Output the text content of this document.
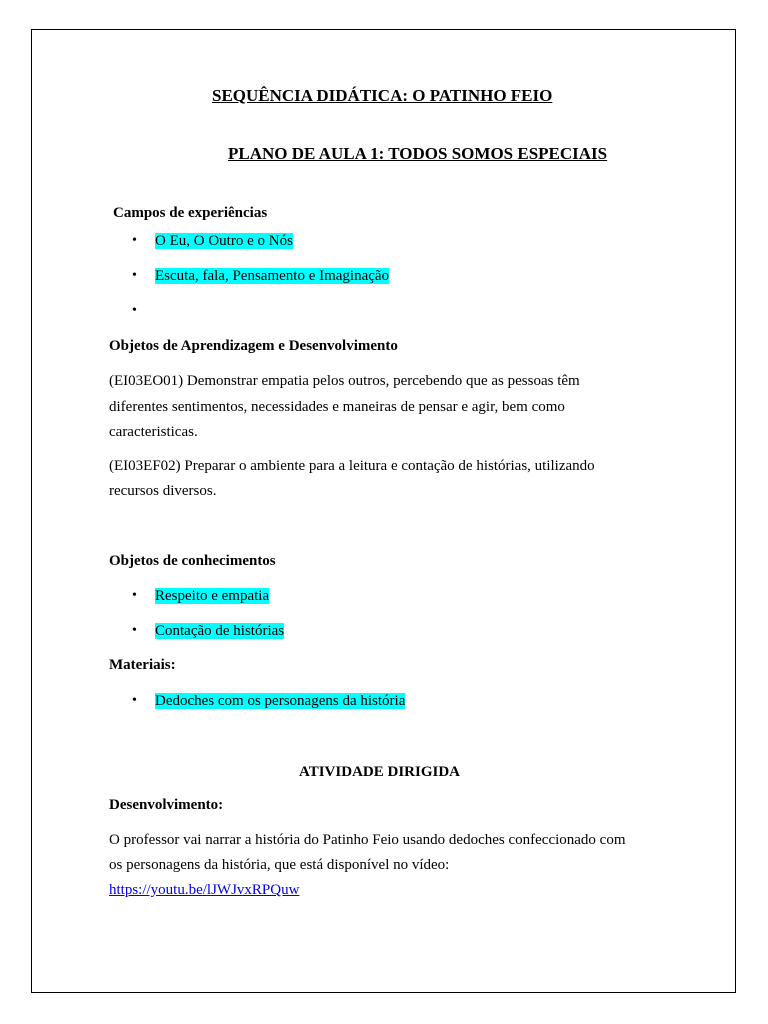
SEQUÊNCIA DIDÁTICA: O PATINHO FEIO
PLANO DE AULA 1: TODOS SOMOS ESPECIAIS
Campos de experiências
• O Eu, O Outro e o Nós
• Escuta, fala, Pensamento e Imaginação
•
Objetos de Aprendizagem e Desenvolvimento
(EI03EO01) Demonstrar empatia pelos outros, percebendo que as pessoas têm
diferentes sentimentos, necessidades e maneiras de pensar e agir, bem como
caracteristicas.
(EI03EF02) Preparar o ambiente para a leitura e contação de histórias, utilizando
recursos diversos.
Objetos de conhecimentos
• Respeito e empatia
• Contação de histórias
Materiais:
• Dedoches com os personagens da história
ATIVIDADE DIRIGIDA
Desenvolvimento:
O professor vai narrar a história do Patinho Feio usando dedoches confeccionado com
os personagens da história, que está disponível no vídeo:
https://youtu.be/lJWJvxRPQuw
